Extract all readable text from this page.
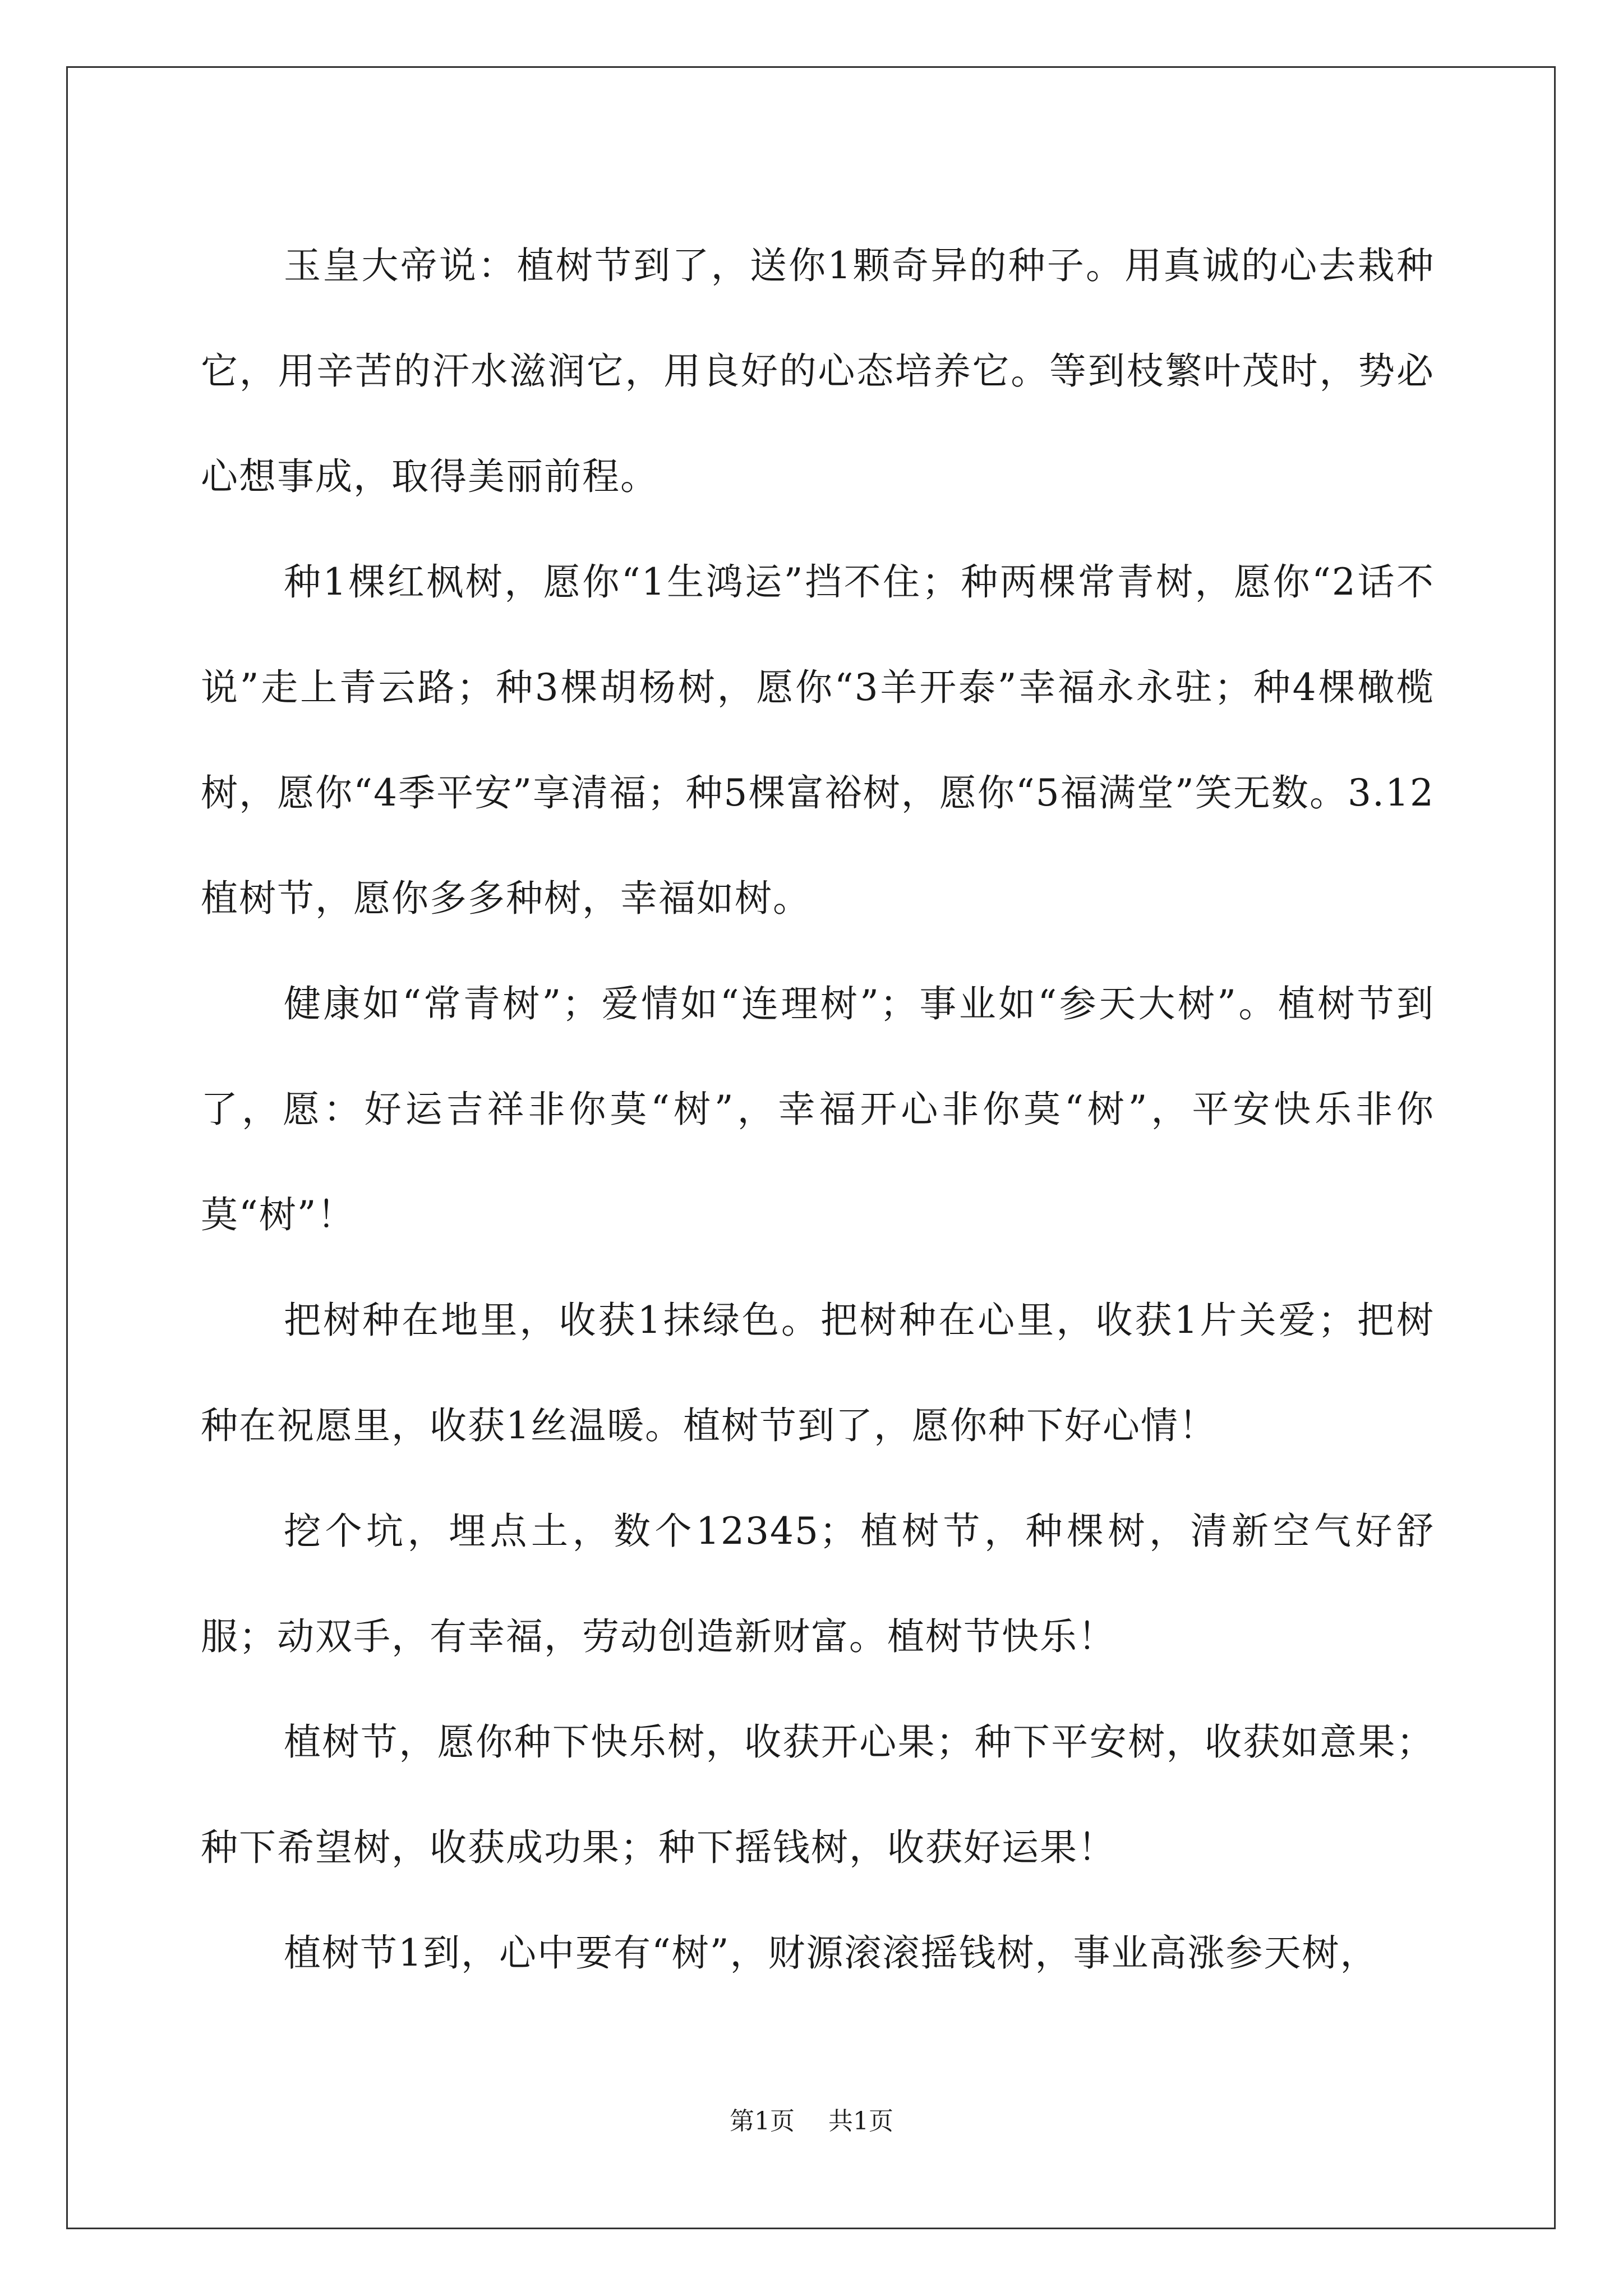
玉皇大帝说：植树节到了，送你1颗奇异的种子。用真诚的心去栽种它，用辛苦的汗水滋润它，用良好的心态培养它。等到枝繁叶茂时，势必心想事成，取得美丽前程。

种1棵红枫树，愿你“1生鸿运”挡不住；种两棵常青树，愿你“2话不说”走上青云路；种3棵胡杨树，愿你“3羊开泰”幸福永永驻；种4棵橄榄树，愿你“4季平安”享清福；种5棵富裕树，愿你“5福满堂”笑无数。3.12植树节，愿你多多种树，幸福如树。

健康如“常青树”；爱情如“连理树”；事业如“参天大树”。植树节到了，愿：好运吉祥非你莫“树”，幸福开心非你莫“树”，平安快乐非你莫“树”！

把树种在地里，收获1抹绿色。把树种在心里，收获1片关爱；把树种在祝愿里，收获1丝温暖。植树节到了，愿你种下好心情！

挖个坑，埋点土，数个12345；植树节，种棵树，清新空气好舒服；动双手，有幸福，劳动创造新财富。植树节快乐！

植树节，愿你种下快乐树，收获开心果；种下平安树，收获如意果；种下希望树，收获成功果；种下摇钱树，收获好运果！

植树节1到，心中要有“树”，财源滚滚摇钱树，事业高涨参天树，

第1页 共1页
